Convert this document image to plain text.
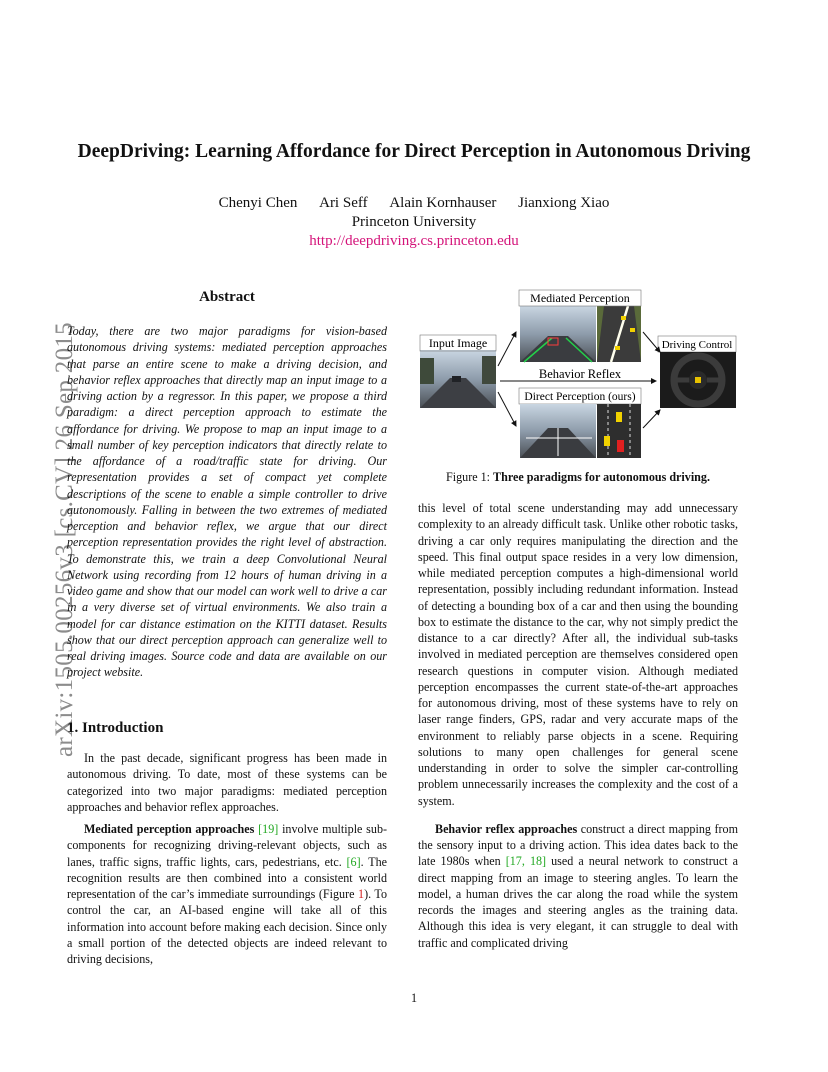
arXiv:1505.00256v3 [cs.CV] 26 Sep 2015
DeepDriving: Learning Affordance for Direct Perception in Autonomous Driving
Chenyi Chen Ari Seff Alain Kornhauser Jianxiong Xiao
Princeton University
http://deepdriving.cs.princeton.edu
Abstract
Today, there are two major paradigms for vision-based autonomous driving systems: mediated perception approaches that parse an entire scene to make a driving decision, and behavior reflex approaches that directly map an input image to a driving action by a regressor. In this paper, we propose a third paradigm: a direct perception approach to estimate the affordance for driving. We propose to map an input image to a small number of key perception indicators that directly relate to the affordance of a road/traffic state for driving. Our representation provides a set of compact yet complete descriptions of the scene to enable a simple controller to drive autonomously. Falling in between the two extremes of mediated perception and behavior reflex, we argue that our direct perception representation provides the right level of abstraction. To demonstrate this, we train a deep Convolutional Neural Network using recording from 12 hours of human driving in a video game and show that our model can work well to drive a car in a very diverse set of virtual environments. We also train a model for car distance estimation on the KITTI dataset. Results show that our direct perception approach can generalize well to real driving images. Source code and data are available on our project website.
1. Introduction

In the past decade, significant progress has been made in autonomous driving. To date, most of these systems can be categorized into two major paradigms: mediated perception approaches and behavior reflex approaches.

Mediated perception approaches [19] involve multiple sub-components for recognizing driving-relevant objects, such as lanes, traffic signs, traffic lights, cars, pedestrians, etc. [6]. The recognition results are then combined into a consistent world representation of the car’s immediate surroundings (Figure 1). To control the car, an AI-based engine will take all of this information into account before making each decision. Since only a small portion of the detected objects are indeed relevant to driving decisions,

Input Image
Mediated Perception
Behavior Reflex
Direct Perception (ours)
Driving Control
Figure 1: Three paradigms for autonomous driving.

this level of total scene understanding may add unnecessary complexity to an already difficult task. Unlike other robotic tasks, driving a car only requires manipulating the direction and the speed. This final output space resides in a very low dimension, while mediated perception computes a high-dimensional world representation, possibly including redundant information. Instead of detecting a bounding box of a car and then using the bounding box to estimate the distance to the car, why not simply predict the distance to a car directly? After all, the individual sub-tasks involved in mediated perception are themselves considered open research questions in computer vision. Although mediated perception encompasses the current state-of-the-art approaches for autonomous driving, most of these systems have to rely on laser range finders, GPS, radar and very accurate maps of the environment to reliably parse objects in a scene. Requiring solutions to many open challenges for general scene understanding in order to solve the simpler car-controlling problem unnecessarily increases the complexity and the cost of a system.

Behavior reflex approaches construct a direct mapping from the sensory input to a driving action. This idea dates back to the late 1980s when [17, 18] used a neural network to construct a direct mapping from an image to steering angles. To learn the model, a human drives the car along the road while the system records the images and steering angles as the training data. Although this idea is very elegant, it can struggle to deal with traffic and complicated driving

1
